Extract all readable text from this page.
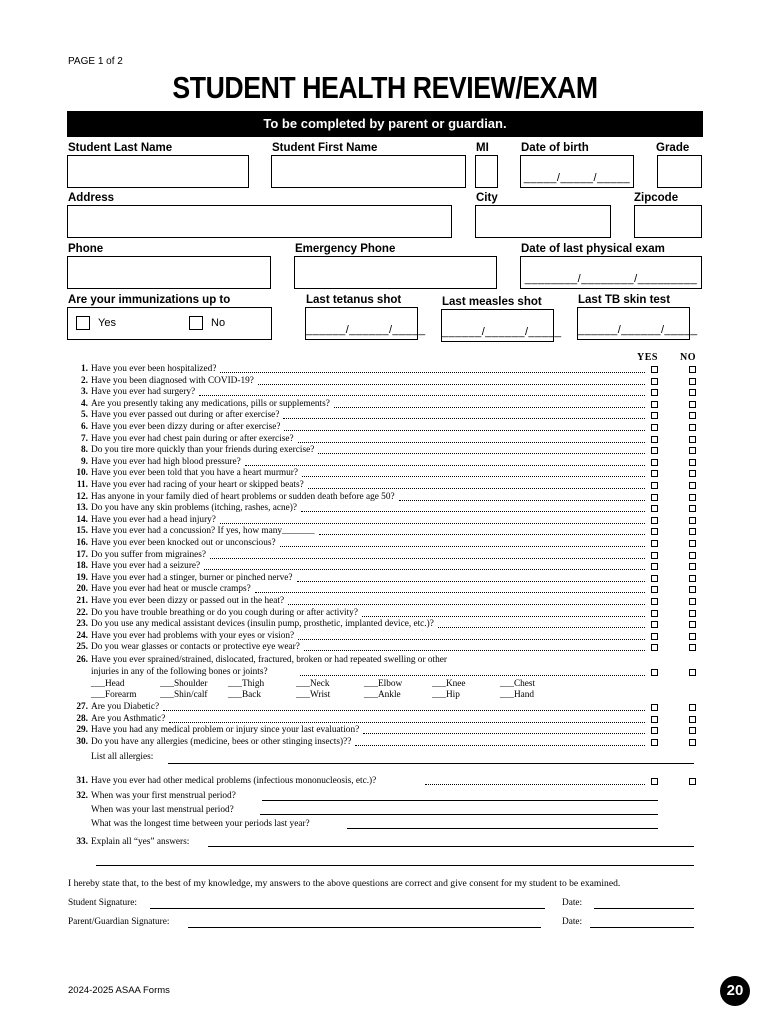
PAGE 1 of 2
STUDENT HEALTH REVIEW/EXAM
To be completed by parent or guardian.
Student Last Name	Student First Name	MI	Date of birth
_____/_____/_____
Grade
Address	City	Zipcode
Phone	Emergency Phone	Date of last physical exam
________/________/_________
Are your immunizations up to
Yes	No
Last tetanus shot
______/______/_____
Last measles shot
______/______/_____
Last TB skin test
______/______/_____
YES NO
1. Have you ever been hospitalized?
2. Have you been diagnosed with COVID-19?
3. Have you ever had surgery?
4. Are you presently taking any medications, pills or supplements?
5. Have you ever passed out during or after exercise?
6. Have you ever been dizzy during or after exercise?
7. Have you ever had chest pain during or after exercise?
8. Do you tire more quickly than your friends during exercise?
9. Have you ever had high blood pressure?
10. Have you ever been told that you have a heart murmur?
11. Have you ever had racing of your heart or skipped beats?
12. Has anyone in your family died of heart problems or sudden death before age 50?
13. Do you have any skin problems (itching, rashes, acne)?
14. Have you ever had a head injury?
15. Have you ever had a concussion? If yes, how many_______
16. Have you ever been knocked out or unconscious?
17. Do you suffer from migraines?
18. Have you ever had a seizure?
19. Have you ever had a stinger, burner or pinched nerve?
20. Have you ever had heat or muscle cramps?
21. Have you ever been dizzy or passed out in the heat?
22. Do you have trouble breathing or do you cough during or after activity?
23. Do you use any medical assistant devices (insulin pump, prosthetic, implanted device, etc.)?
24. Have you ever had problems with your eyes or vision?
25. Do you wear glasses or contacts or protective eye wear?
26. Have you ever sprained/strained, dislocated, fractured, broken or had repeated swelling or other
injuries in any of the following bones or joints?
___Head	___Shoulder ___Thigh	___Neck	___Elbow	___Knee	___Chest
___Forearm	___Shin/calf ___Back	___Wrist	___Ankle	___Hip	___Hand
27. Are you Diabetic?
28. Are you Asthmatic?
29. Have you had any medical problem or injury since your last evaluation?
30. Do you have any allergies (medicine, bees or other stinging insects)??
List all allergies:
31. Have you ever had other medical problems (infectious mononucleosis, etc.)?
32. When was your first menstrual period?
When was your last menstrual period?
What was the longest time between your periods last year?
33. Explain all “yes” answers:
I hereby state that, to the best of my knowledge, my answers to the above questions are correct and give consent for my student to be examined.
Student Signature:	Date:
Parent/Guardian Signature:	Date:
2024-2025 ASAA Forms	20
